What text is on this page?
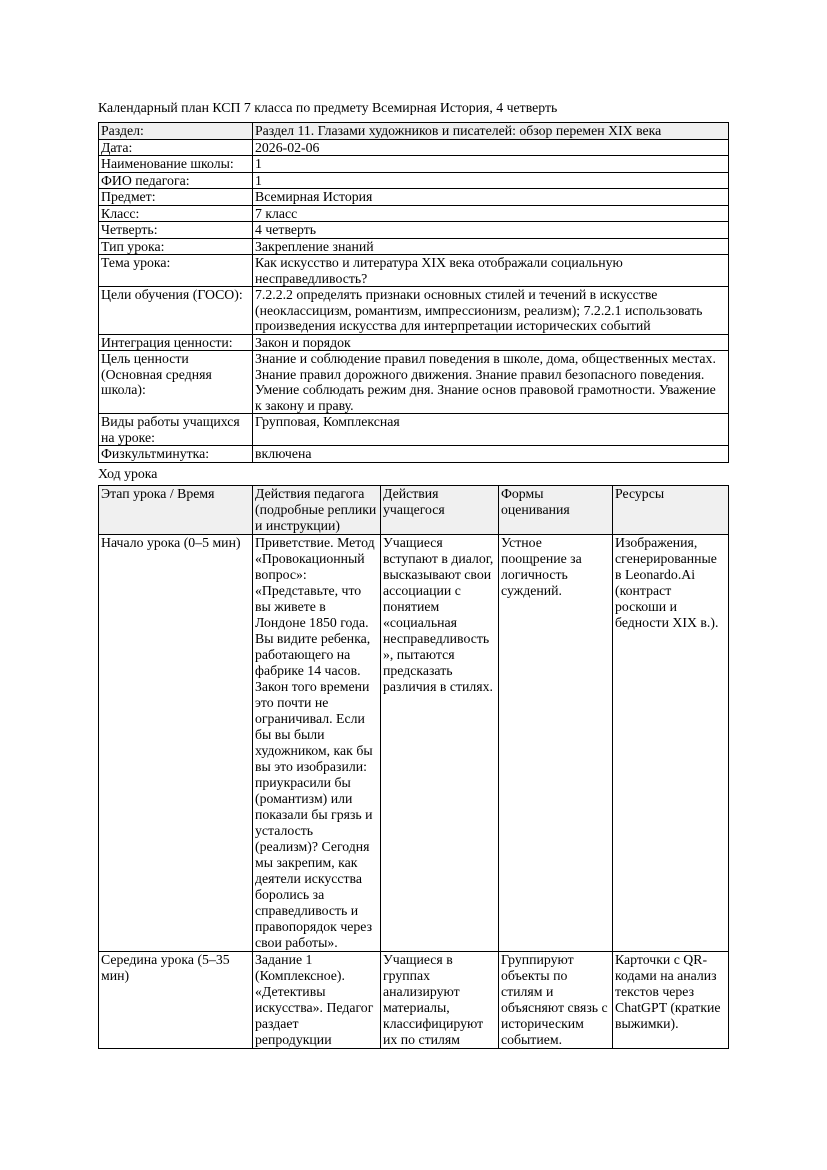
Календарный план КСП 7 класса по предмету Всемирная История, 4 четверть

Раздел:	Раздел 11. Глазами художников и писателей: обзор перемен XIX века
Дата:	2026-02-06
Наименование школы:	1
ФИО педагога:	1
Предмет:	Всемирная История
Класс:	7 класс
Четверть:	4 четверть
Тип урока:	Закрепление знаний
Тема урока:	Как искусство и литература XIX века отображали социальную несправедливость?
Цели обучения (ГОСО):	7.2.2.2 определять признаки основных стилей и течений в искусстве (неоклассицизм, романтизм, импрессионизм, реализм); 7.2.2.1 использовать произведения искусства для интерпретации исторических событий
Интеграция ценности:	Закон и порядок
Цель ценности (Основная средняя школа):	Знание и соблюдение правил поведения в школе, дома, общественных местах. Знание правил дорожного движения. Знание правил безопасного поведения. Умение соблюдать режим дня. Знание основ правовой грамотности. Уважение к закону и праву.
Виды работы учащихся на уроке:	Групповая, Комплексная
Физкультминутка:	включена

Ход урока

Этап урока / Время	Действия педагога (подробные реплики и инструкции)	Действия учащегося	Формы оценивания	Ресурсы
Начало урока (0–5 мин)	Приветствие. Метод «Провокационный вопрос»: «Представьте, что вы живете в Лондоне 1850 года. Вы видите ребенка, работающего на фабрике 14 часов. Закон того времени это почти не ограничивал. Если бы вы были художником, как бы вы это изобразили: приукрасили бы (романтизм) или показали бы грязь и усталость (реализм)? Сегодня мы закрепим, как деятели искусства боролись за справедливость и правопорядок через свои работы».	Учащиеся вступают в диалог, высказывают свои ассоциации с понятием «социальная несправедливость», пытаются предсказать различия в стилях.	Устное поощрение за логичность суждений.	Изображения, сгенерированные в Leonardo.Ai (контраст роскоши и бедности XIX в.).

Середина урока (5–35 мин)	Задание 1 (Комплексное). «Детективы искусства». Педагог раздает репродукции	Учащиеся в группах анализируют материалы, классифицируют их по стилям	Группируют объекты по стилям и объясняют связь с историческим событием.	Карточки с QR-кодами на анализ текстов через ChatGPT (краткие выжимки).
